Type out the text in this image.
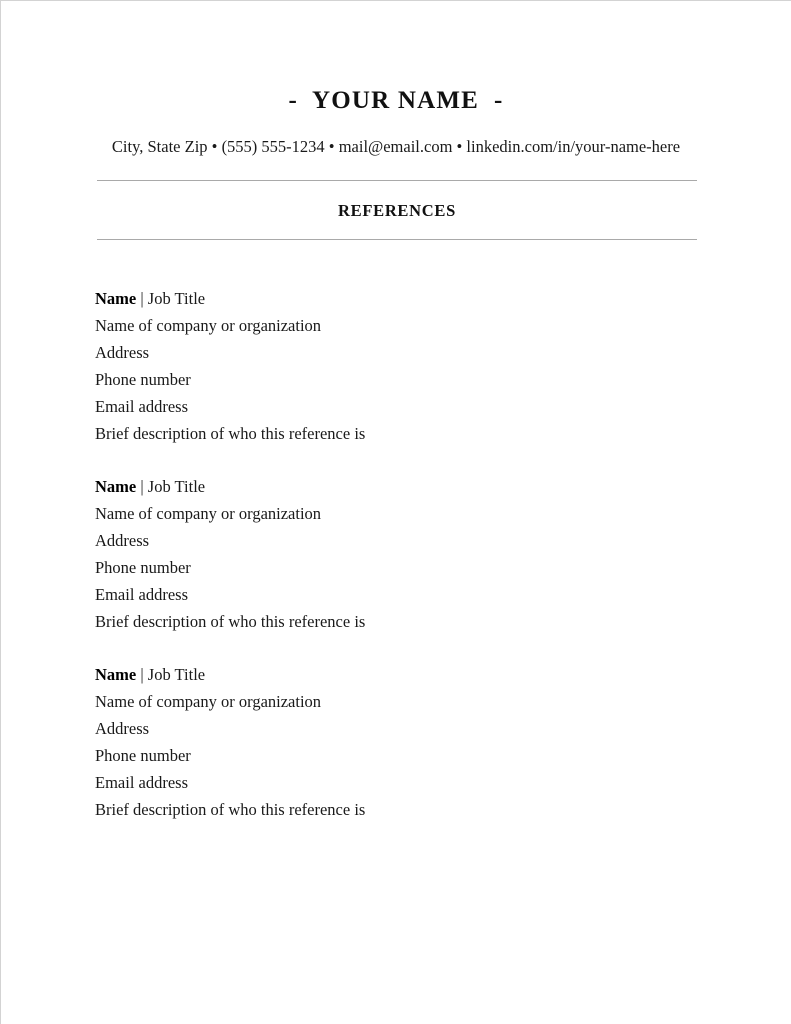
-  YOUR NAME  -
City, State Zip • (555) 555-1234 • mail@email.com • linkedin.com/in/your-name-here
REFERENCES
Name | Job Title
Name of company or organization
Address
Phone number
Email address
Brief description of who this reference is
Name | Job Title
Name of company or organization
Address
Phone number
Email address
Brief description of who this reference is
Name | Job Title
Name of company or organization
Address
Phone number
Email address
Brief description of who this reference is
